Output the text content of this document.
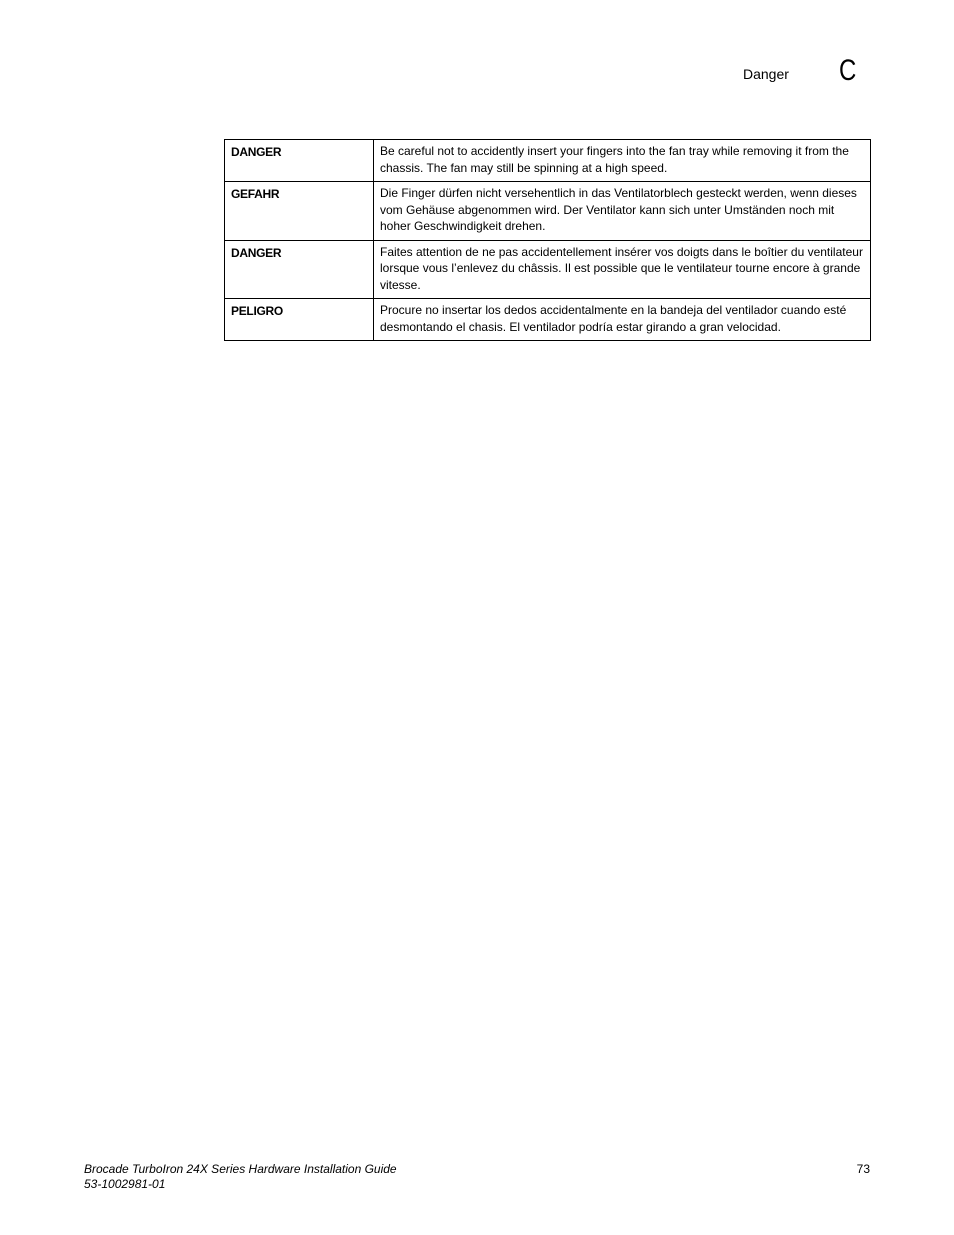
Danger C
DANGER	Be careful not to accidently insert your fingers into the fan tray while removing it from the chassis. The fan may still be spinning at a high speed.
GEFAHR	Die Finger dürfen nicht versehentlich in das Ventilatorblech gesteckt werden, wenn dieses vom Gehäuse abgenommen wird. Der Ventilator kann sich unter Umständen noch mit hoher Geschwindigkeit drehen.
DANGER	Faites attention de ne pas accidentellement insérer vos doigts dans le boîtier du ventilateur lorsque vous l’enlevez du châssis. Il est possible que le ventilateur tourne encore à grande vitesse.
PELIGRO	Procure no insertar los dedos accidentalmente en la bandeja del ventilador cuando esté desmontando el chasis. El ventilador podría estar girando a gran velocidad.
Brocade TurboIron 24X Series Hardware Installation Guide
53-1002981-01
73
